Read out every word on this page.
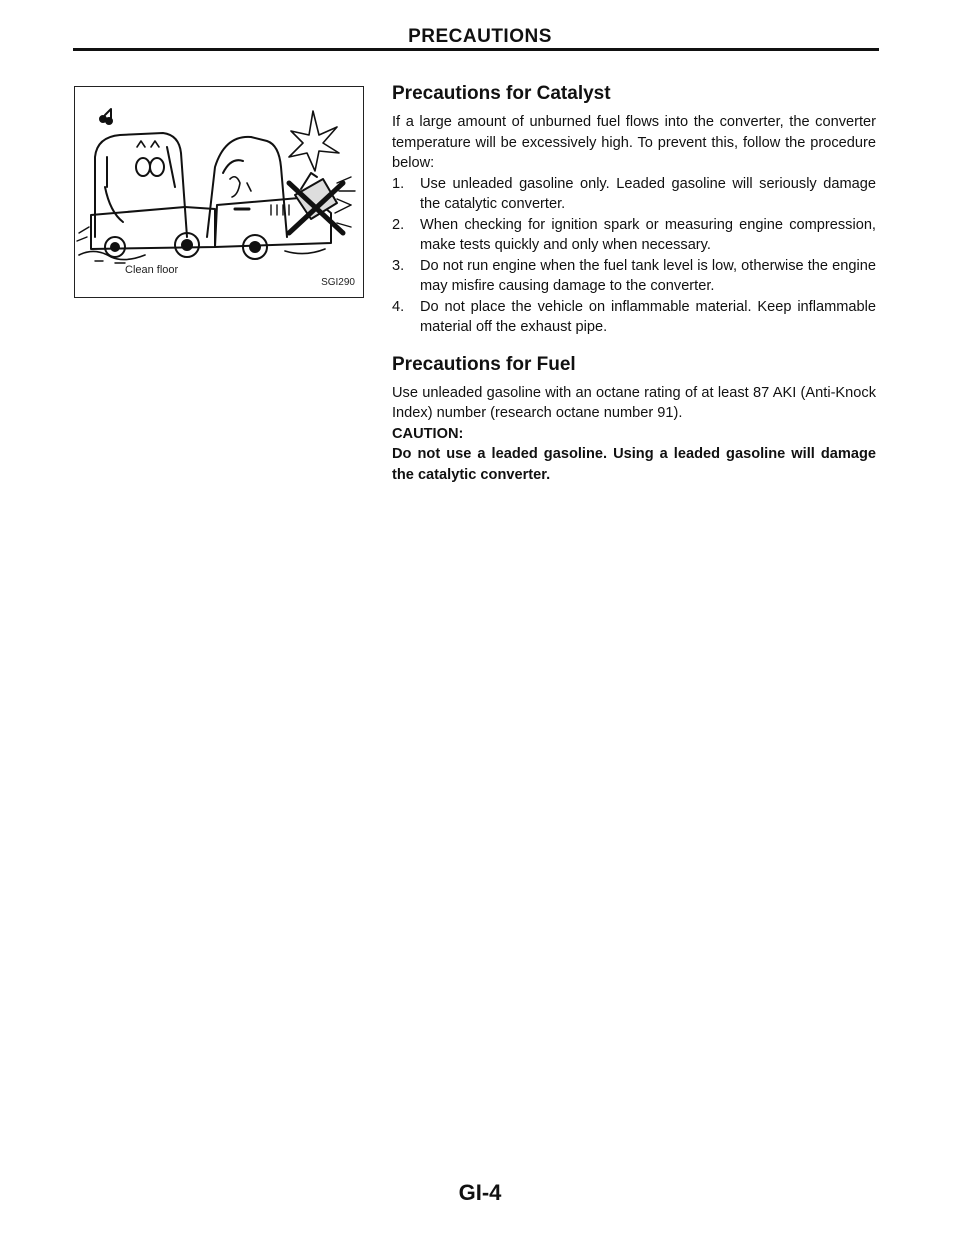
PRECAUTIONS
Clean floor
SGI290
Precautions for Catalyst

If a large amount of unburned fuel flows into the converter, the converter temperature will be excessively high. To prevent this, follow the procedure below:

1. Use unleaded gasoline only. Leaded gasoline will seriously damage the catalytic converter.
2. When checking for ignition spark or measuring engine compression, make tests quickly and only when necessary.
3. Do not run engine when the fuel tank level is low, otherwise the engine may misfire causing damage to the converter.
4. Do not place the vehicle on inflammable material. Keep inflammable material off the exhaust pipe.
Precautions for Fuel

Use unleaded gasoline with an octane rating of at least 87 AKI (Anti-Knock Index) number (research octane number 91).

CAUTION:

Do not use a leaded gasoline. Using a leaded gasoline will damage the catalytic converter.

GI-4
